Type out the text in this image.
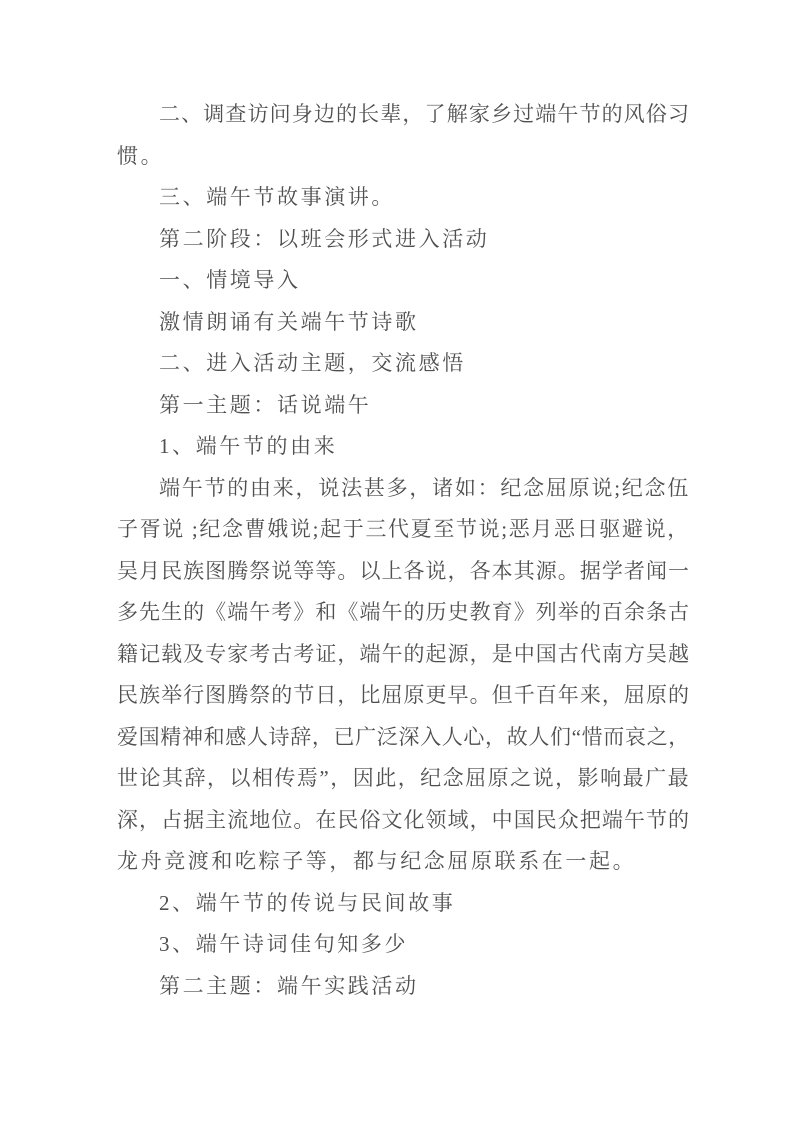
二、调查访问身边的长辈，了解家乡过端午节的风俗习

惯。

三、端午节故事演讲。

第二阶段：以班会形式进入活动

一、情境导入

激情朗诵有关端午节诗歌

二、进入活动主题，交流感悟

第一主题：话说端午

1、端午节的由来

端午节的由来，说法甚多，诸如：纪念屈原说;纪念伍

子胥说 ;纪念曹娥说;起于三代夏至节说;恶月恶日驱避说，

吴月民族图腾祭说等等。以上各说，各本其源。据学者闻一

多先生的《端午考》和《端午的历史教育》列举的百余条古

籍记载及专家考古考证，端午的起源，是中国古代南方吴越

民族举行图腾祭的节日，比屈原更早。但千百年来，屈原的

爱国精神和感人诗辞，已广泛深入人心，故人们“惜而哀之，

世论其辞，以相传焉”，因此，纪念屈原之说，影响最广最

深，占据主流地位。在民俗文化领域，中国民众把端午节的

龙舟竞渡和吃粽子等，都与纪念屈原联系在一起。

2、端午节的传说与民间故事

3、端午诗词佳句知多少

第二主题：端午实践活动
